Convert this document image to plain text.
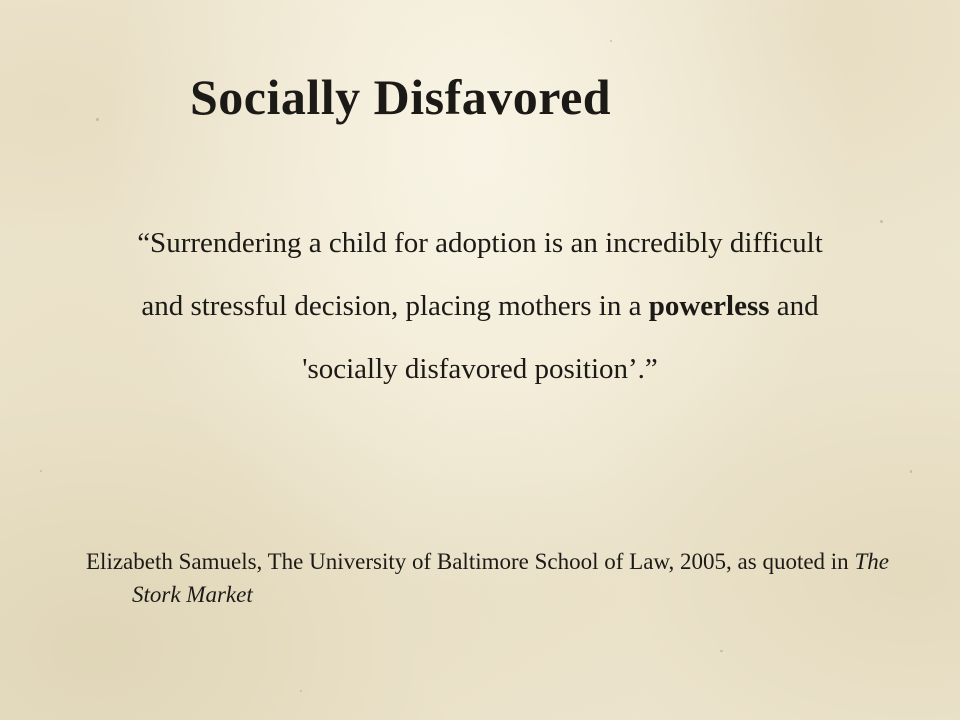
Socially Disfavored

“Surrendering a child for adoption is an incredibly difficult and stressful decision, placing mothers in a powerless and 'socially disfavored position’.”

Elizabeth Samuels, The University of Baltimore School of Law, 2005, as quoted in The Stork Market
